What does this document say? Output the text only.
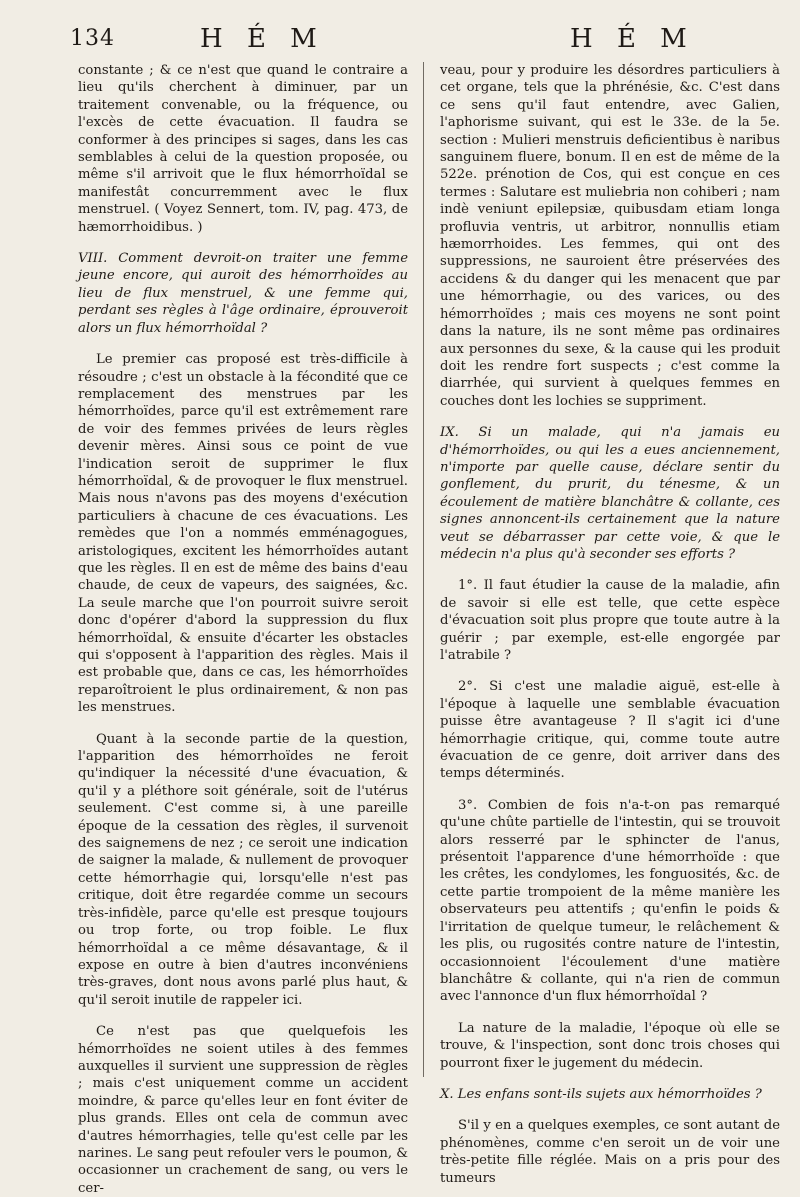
134	H É M	H É M

constante ; & ce n'est que quand le contraire a lieu qu'ils cherchent à diminuer, par un traitement convenable, ou la fréquence, ou l'excès de cette évacuation. Il faudra se conformer à des principes si sages, dans les cas semblables à celui de la question proposée, ou même s'il arrivoit que le flux hémorrhoïdal se manifestât concurremment avec le flux menstruel. ( Voyez Sennert, tom. IV, pag. 473, de hæmorrhoidibus. )

VIII. Comment devroit-on traiter une femme jeune encore, qui auroit des hémorrhoïdes au lieu de flux menstruel, & une femme qui, perdant ses règles à l'âge ordinaire, éprouveroit alors un flux hémorrhoïdal ?

Le premier cas proposé est très-difficile à résoudre ; c'est un obstacle à la fécondité que ce remplacement des menstrues par les hémorrhoïdes, parce qu'il est extrêmement rare de voir des femmes privées de leurs règles devenir mères. Ainsi sous ce point de vue l'indication seroit de supprimer le flux hémorrhoïdal, & de provoquer le flux menstruel. Mais nous n'avons pas des moyens d'exécution particuliers à chacune de ces évacuations. Les remèdes que l'on a nommés emménagogues, aristologiques, excitent les hémorrhoïdes autant que les règles. Il en est de même des bains d'eau chaude, de ceux de vapeurs, des saignées, &c. La seule marche que l'on pourroit suivre seroit donc d'opérer d'abord la suppression du flux hémorrhoïdal, & ensuite d'écarter les obstacles qui s'opposent à l'apparition des règles. Mais il est probable que, dans ce cas, les hémorrhoïdes reparoîtroient le plus ordinairement, & non pas les menstrues.

Quant à la seconde partie de la question, l'apparition des hémorrhoïdes ne feroit qu'indiquer la nécessité d'une évacuation, & qu'il y a pléthore soit générale, soit de l'utérus seulement. C'est comme si, à une pareille époque de la cessation des règles, il survenoit des saignemens de nez ; ce seroit une indication de saigner la malade, & nullement de provoquer cette hémorrhagie qui, lorsqu'elle n'est pas critique, doit être regardée comme un secours très-infidèle, parce qu'elle est presque toujours ou trop forte, ou trop foible. Le flux hémorrhoïdal a ce même désavantage, & il expose en outre à bien d'autres inconvéniens très-graves, dont nous avons parlé plus haut, & qu'il seroit inutile de rappeler ici.

Ce n'est pas que quelquefois les hémorrhoïdes ne soient utiles à des femmes auxquelles il survient une suppression de règles ; mais c'est uniquement comme un accident moindre, & parce qu'elles leur en font éviter de plus grands. Elles ont cela de commun avec d'autres hémorrhagies, telle qu'est celle par les narines. Le sang peut refouler vers le poumon, & occasionner un crachement de sang, ou vers le cer-

veau, pour y produire les désordres particuliers à cet organe, tels que la phrénésie, &c. C'est dans ce sens qu'il faut entendre, avec Galien, l'aphorisme suivant, qui est le 33e. de la 5e. section : Mulieri menstruis deficientibus è naribus sanguinem fluere, bonum. Il en est de même de la 522e. prénotion de Cos, qui est conçue en ces termes : Salutare est muliebria non cohiberi ; nam indè veniunt epilepsiæ, quibusdam etiam longa profluvia ventris, ut arbitror, nonnullis etiam hæmorrhoides. Les femmes, qui ont des suppressions, ne sauroient être préservées des accidens & du danger qui les menacent que par une hémorrhagie, ou des varices, ou des hémorrhoïdes ; mais ces moyens ne sont point dans la nature, ils ne sont même pas ordinaires aux personnes du sexe, & la cause qui les produit doit les rendre fort suspects ; c'est comme la diarrhée, qui survient à quelques femmes en couches dont les lochies se suppriment.

IX. Si un malade, qui n'a jamais eu d'hémorrhoïdes, ou qui les a eues anciennement, n'importe par quelle cause, déclare sentir du gonflement, du prurit, du ténesme, & un écoulement de matière blanchâtre & collante, ces signes annoncent-ils certainement que la nature veut se débarrasser par cette voie, & que le médecin n'a plus qu'à seconder ses efforts ?

1°. Il faut étudier la cause de la maladie, afin de savoir si elle est telle, que cette espèce d'évacuation soit plus propre que toute autre à la guérir ; par exemple, est-elle engorgée par l'atrabile ?

2°. Si c'est une maladie aiguë, est-elle à l'époque à laquelle une semblable évacuation puisse être avantageuse ? Il s'agit ici d'une hémorrhagie critique, qui, comme toute autre évacuation de ce genre, doit arriver dans des temps déterminés.

3°. Combien de fois n'a-t-on pas remarqué qu'une chûte partielle de l'intestin, qui se trouvoit alors resserré par le sphincter de l'anus, présentoit l'apparence d'une hémorrhoïde : que les crêtes, les condylomes, les fonguosités, &c. de cette partie trompoient de la même manière les observateurs peu attentifs ; qu'enfin le poids & l'irritation de quelque tumeur, le relâchement & les plis, ou rugosités contre nature de l'intestin, occasionnoient l'écoulement d'une matière blanchâtre & collante, qui n'a rien de commun avec l'annonce d'un flux hémorrhoïdal ?

La nature de la maladie, l'époque où elle se trouve, & l'inspection, sont donc trois choses qui pourront fixer le jugement du médecin.

X. Les enfans sont-ils sujets aux hémorrhoïdes ?

S'il y en a quelques exemples, ce sont autant de phénomènes, comme c'en seroit un de voir une très-petite fille réglée. Mais on a pris pour des tumeurs
